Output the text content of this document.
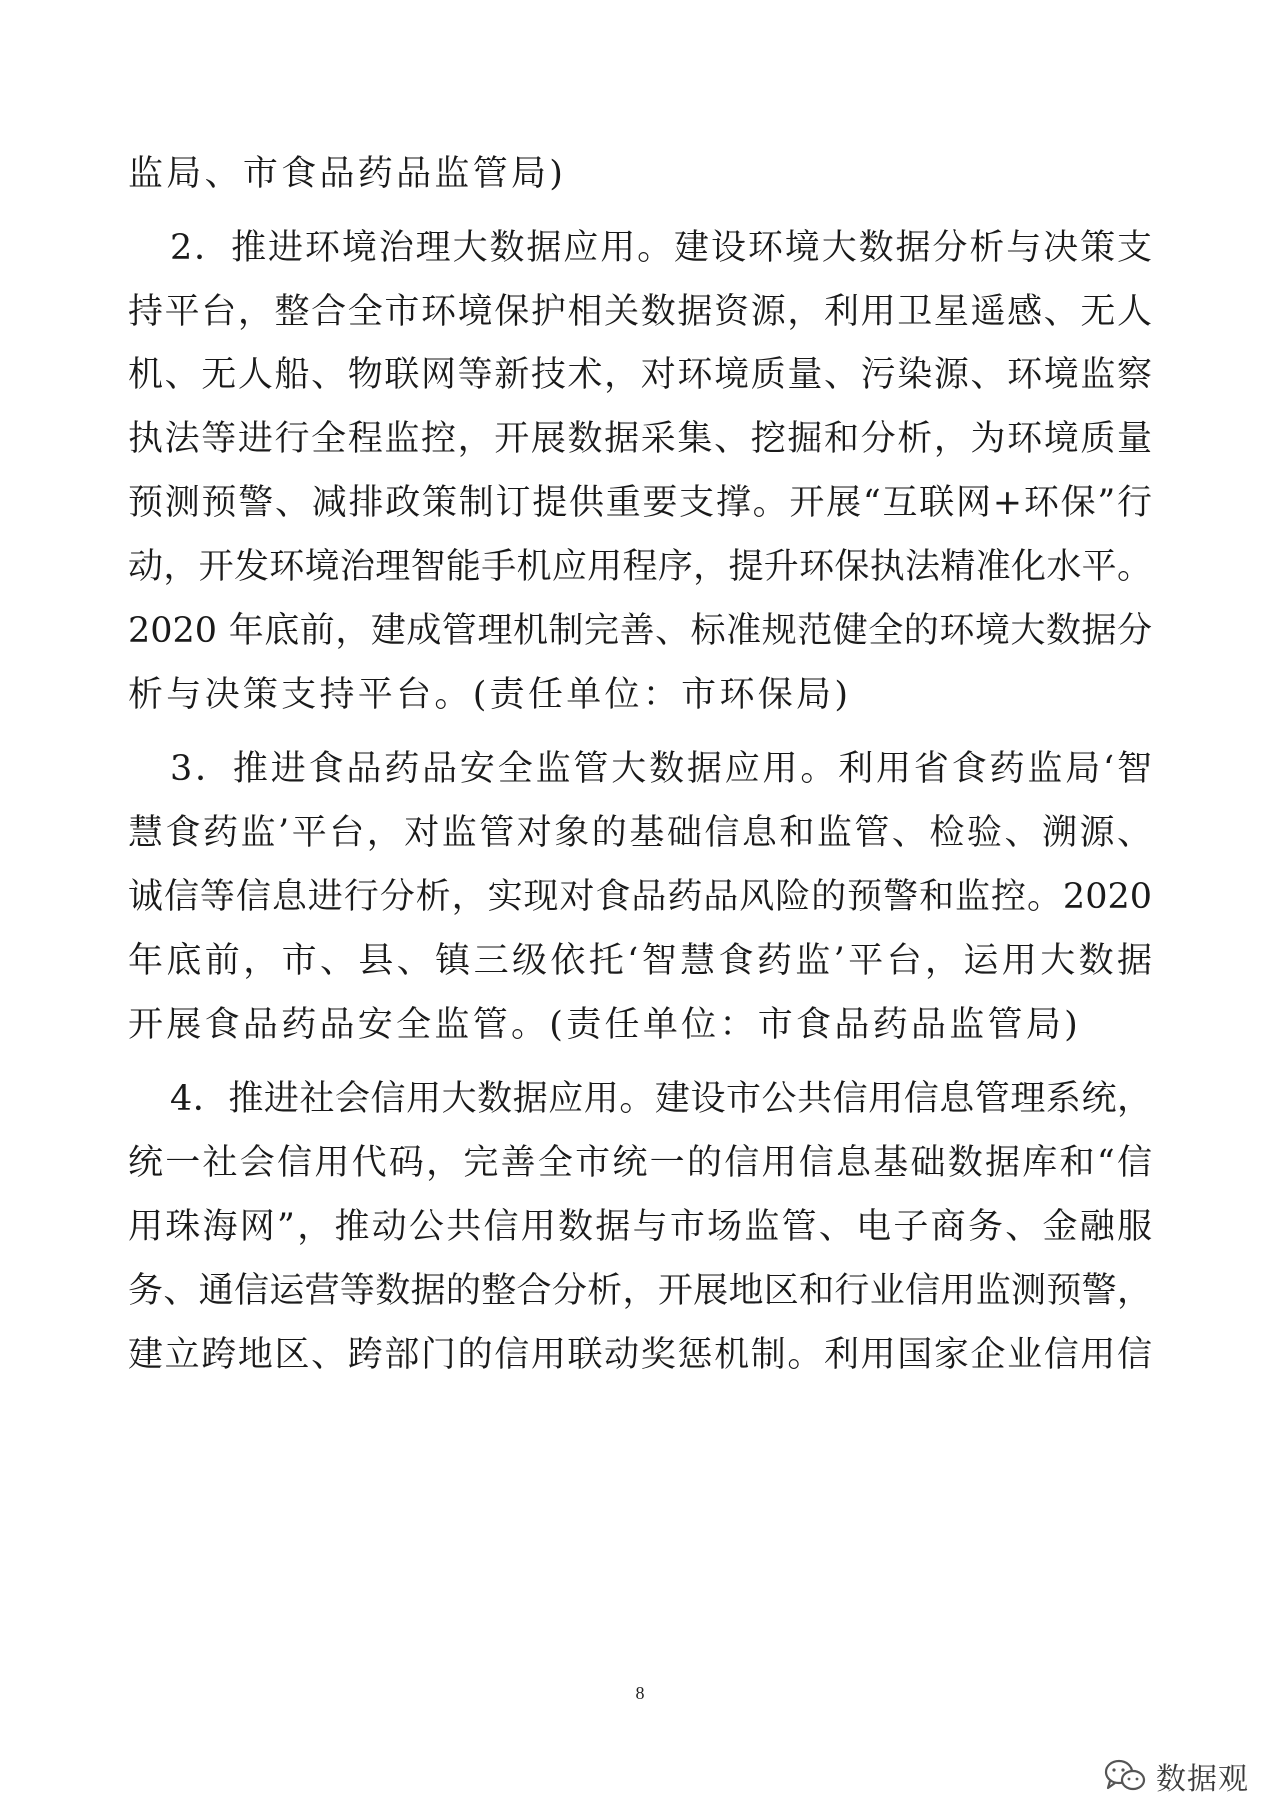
监局、市食品药品监管局)
2．推进环境治理大数据应用。建设环境大数据分析与决策支
持平台，整合全市环境保护相关数据资源，利用卫星遥感、无人
机、无人船、物联网等新技术，对环境质量、污染源、环境监察
执法等进行全程监控，开展数据采集、挖掘和分析，为环境质量
预测预警、减排政策制订提供重要支撑。开展“互联网+环保”行
动，开发环境治理智能手机应用程序，提升环保执法精准化水平。
2020 年底前，建成管理机制完善、标准规范健全的环境大数据分
析与决策支持平台。(责任单位：市环保局)
3．推进食品药品安全监管大数据应用。利用省食药监局‘智
慧食药监’平台，对监管对象的基础信息和监管、检验、溯源、
诚信等信息进行分析，实现对食品药品风险的预警和监控。2020
年底前，市、县、镇三级依托‘智慧食药监’平台，运用大数据
开展食品药品安全监管。(责任单位：市食品药品监管局)
4．推进社会信用大数据应用。建设市公共信用信息管理系统，
统一社会信用代码，完善全市统一的信用信息基础数据库和“信
用珠海网”，推动公共信用数据与市场监管、电子商务、金融服
务、通信运营等数据的整合分析，开展地区和行业信用监测预警，
建立跨地区、跨部门的信用联动奖惩机制。利用国家企业信用信
8
数据观
